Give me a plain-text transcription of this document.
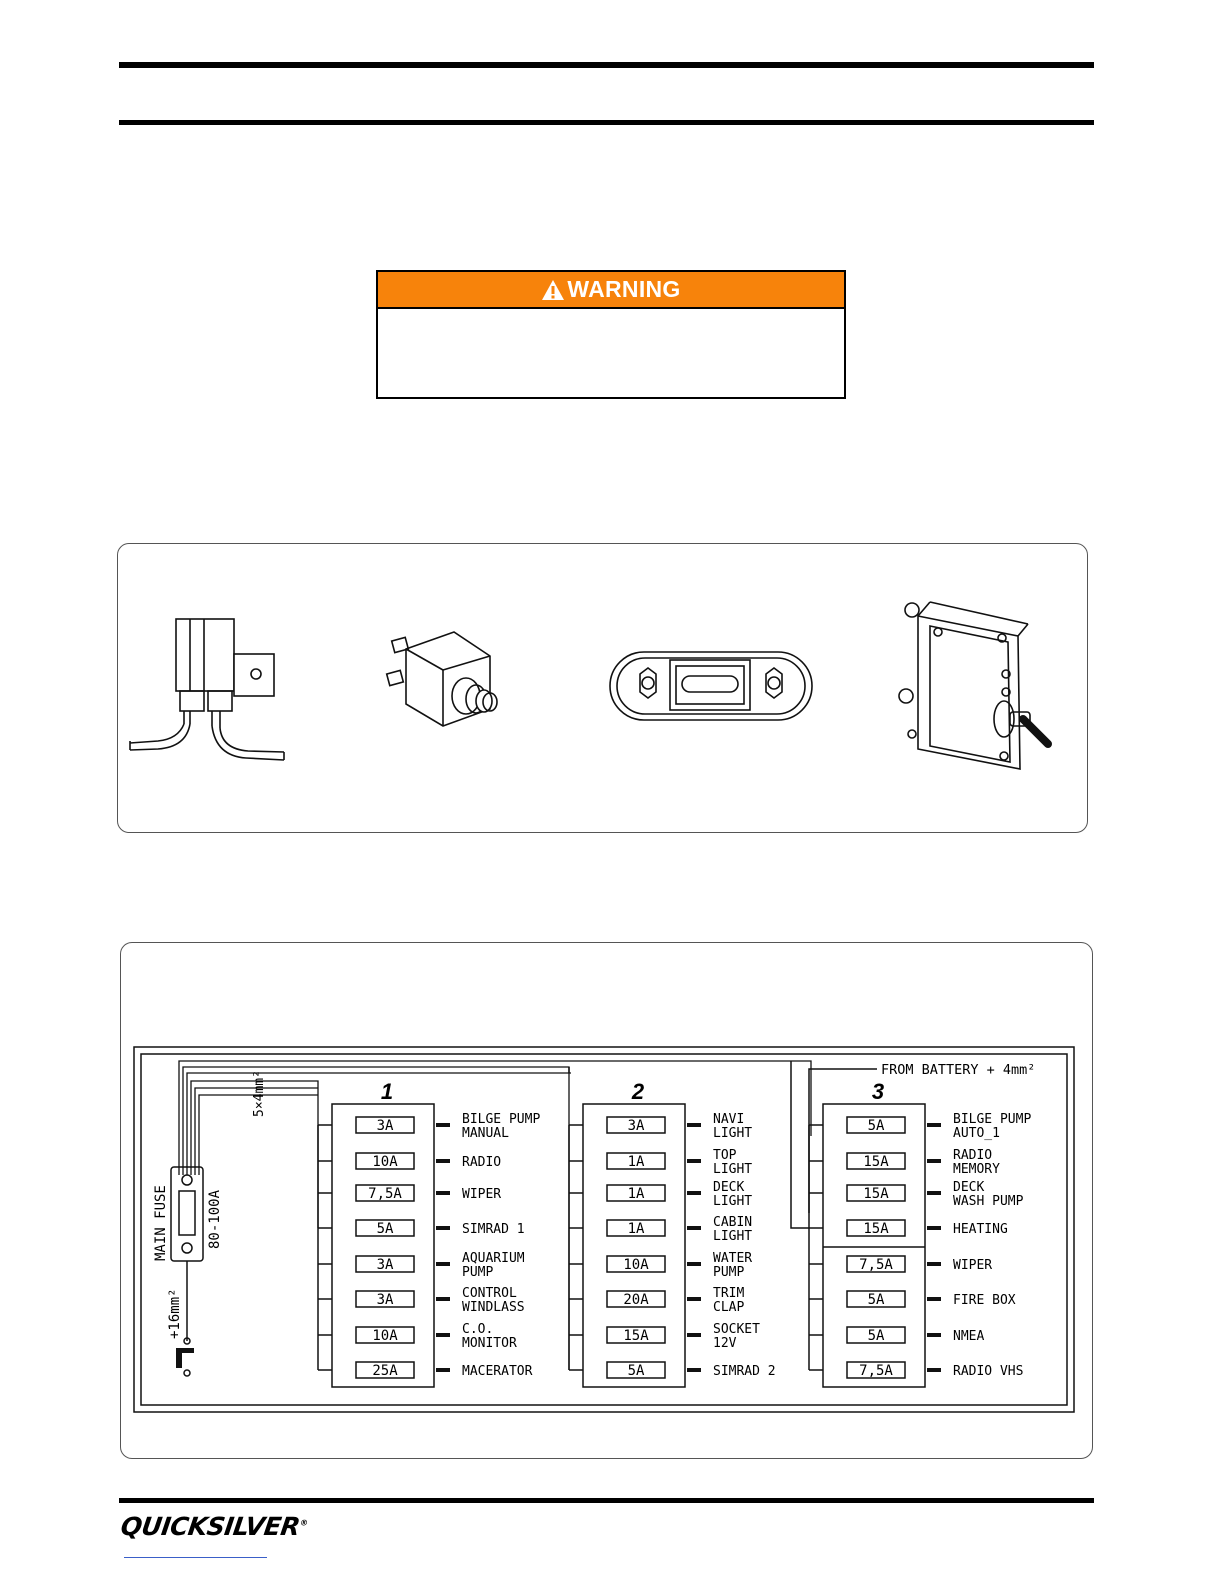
WARNING
1
3A	BILGE PUMP
MANUAL
10A	RADIO
7,5A	WIPER
5A	SIMRAD 1
3A	AQUARIUM
PUMP
3A	CONTROL
WINDLASS
10A	C.O.
MONITOR
25A	MACERATOR
2
3A	NAVI
LIGHT
1A	TOP
LIGHT
1A	DECK
LIGHT
1A	CABIN
LIGHT
10A	WATER
PUMP
20A	TRIM
CLAP
15A	SOCKET
12V
5A	SIMRAD 2
3
5A	BILGE PUMP
AUTO_1
15A	RADIO
MEMORY
15A	DECK
WASH PUMP
15A	HEATING
7,5A	WIPER
5A	FIRE BOX
5A	NMEA
7,5A	RADIO VHS
MAIN FUSE	80-100A
+16mm²
FROM BATTERY + 4mm²
5×4mm²
QUICKSILVER®
